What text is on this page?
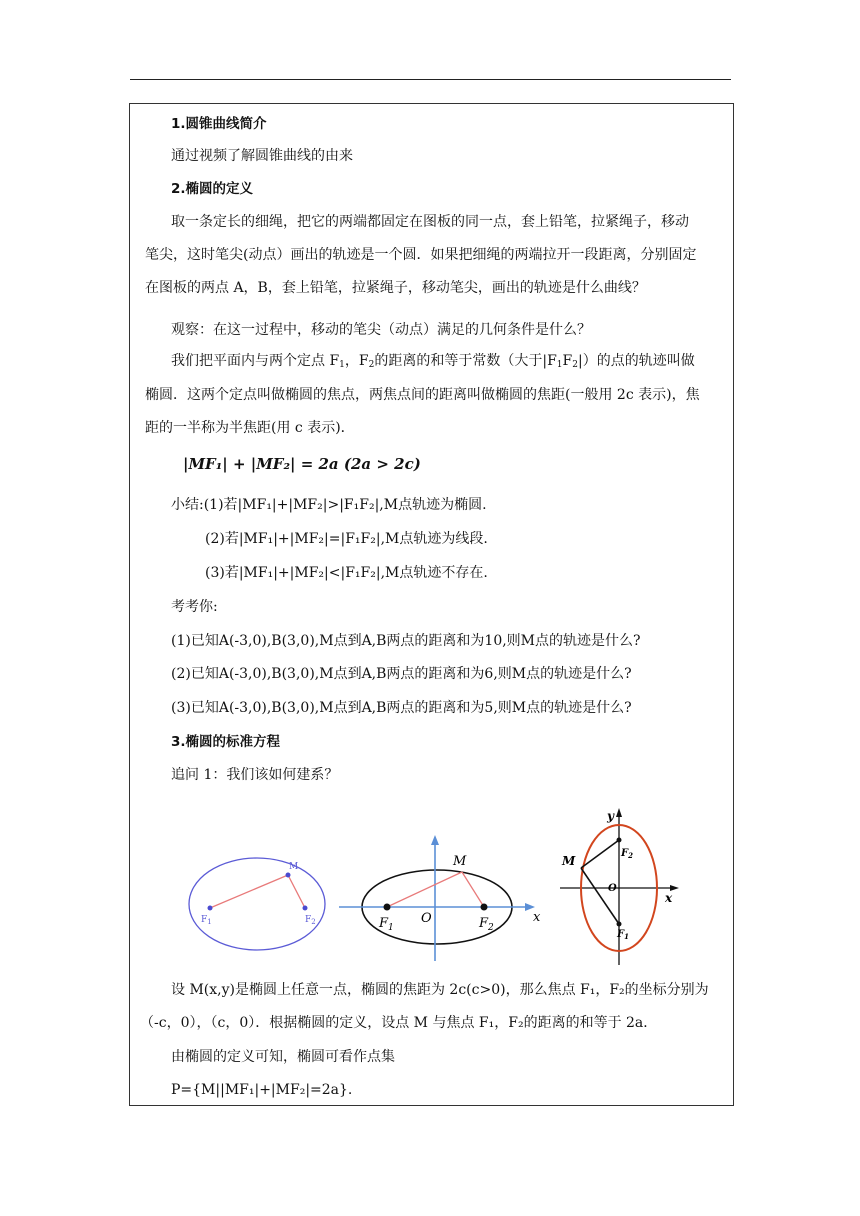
1.圆锥曲线简介
通过视频了解圆锥曲线的由来
2.椭圆的定义
取一条定长的细绳，把它的两端都固定在图板的同一点，套上铅笔，拉紧绳子，移动
笔尖，这时笔尖(动点）画出的轨迹是一个圆．如果把细绳的两端拉开一段距离，分别固定
在图板的两点 A，B，套上铅笔，拉紧绳子，移动笔尖，画出的轨迹是什么曲线？
观察：在这一过程中，移动的笔尖（动点）满足的几何条件是什么？
我们把平面内与两个定点 $F_1$，$F_2$的距离的和等于常数（大于$|F_1F_2|$）的点的轨迹叫做
椭圆．这两个定点叫做椭圆的焦点，两焦点间的距离叫做椭圆的焦距(一般用 2c 表示)，焦
距的一半称为半焦距(用 c 表示)．
|MF₁| + |MF₂| = 2a (2a > 2c)
小结:(1)若|MF₁|+|MF₂|>|F₁F₂|,M点轨迹为椭圆.
(2)若|MF₁|+|MF₂|=|F₁F₂|,M点轨迹为线段.
(3)若|MF₁|+|MF₂|<|F₁F₂|,M点轨迹不存在.
考考你:
(1)已知A(-3,0),B(3,0),M点到A,B两点的距离和为10,则M点的轨迹是什么?
(2)已知A(-3,0),B(3,0),M点到A,B两点的距离和为6,则M点的轨迹是什么?
(3)已知A(-3,0),B(3,0),M点到A,B两点的距离和为5,则M点的轨迹是什么?
3.椭圆的标准方程
追问 1：我们该如何建系？
M
$F_1$	$F_2$
M
O
$F_1$	$F_2$
x
y
M
O
x
$F_2$
$F_1$
设 M(x,y)是椭圆上任意一点，椭圆的焦距为 2c(c>0)，那么焦点 F₁，F₂的坐标分别为
（-c，0），（c，0）．根据椭圆的定义，设点 M 与焦点 F₁，F₂的距离的和等于 2a．
由椭圆的定义可知，椭圆可看作点集
P={M||MF₁|+|MF₂|=2a}.
